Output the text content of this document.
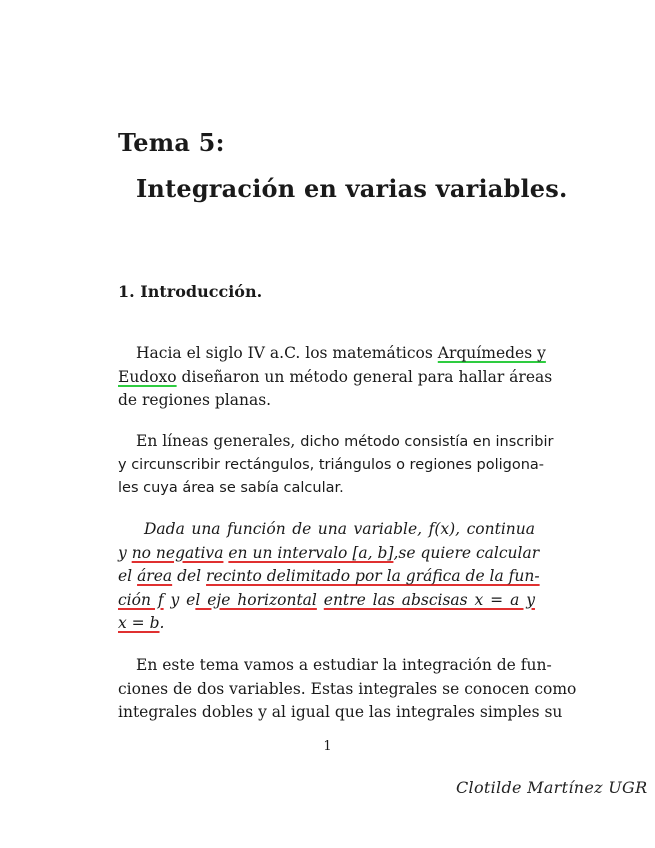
Tema 5:
Integración en varias variables.
1. Introducción.
Hacia el siglo IV a.C. los matemáticos Arquímedes y
Eudoxo diseñaron un método general para hallar áreas
de regiones planas.
En líneas generales, dicho método consistía en inscribir
y circunscribir rectángulos, triángulos o regiones poligona-
les cuya área se sabía calcular.
Dada una función de una variable, f(x), continua
y no negativa en un intervalo [a, b],se quiere calcular
el área del recinto delimitado por la gráfica de la fun-
ción f y el eje horizontal entre las abscisas x = a y
x = b.
En este tema vamos a estudiar la integración de fun-
ciones de dos variables. Estas integrales se conocen como
integrales dobles y al igual que las integrales simples su
1
Clotilde Martínez UGR
